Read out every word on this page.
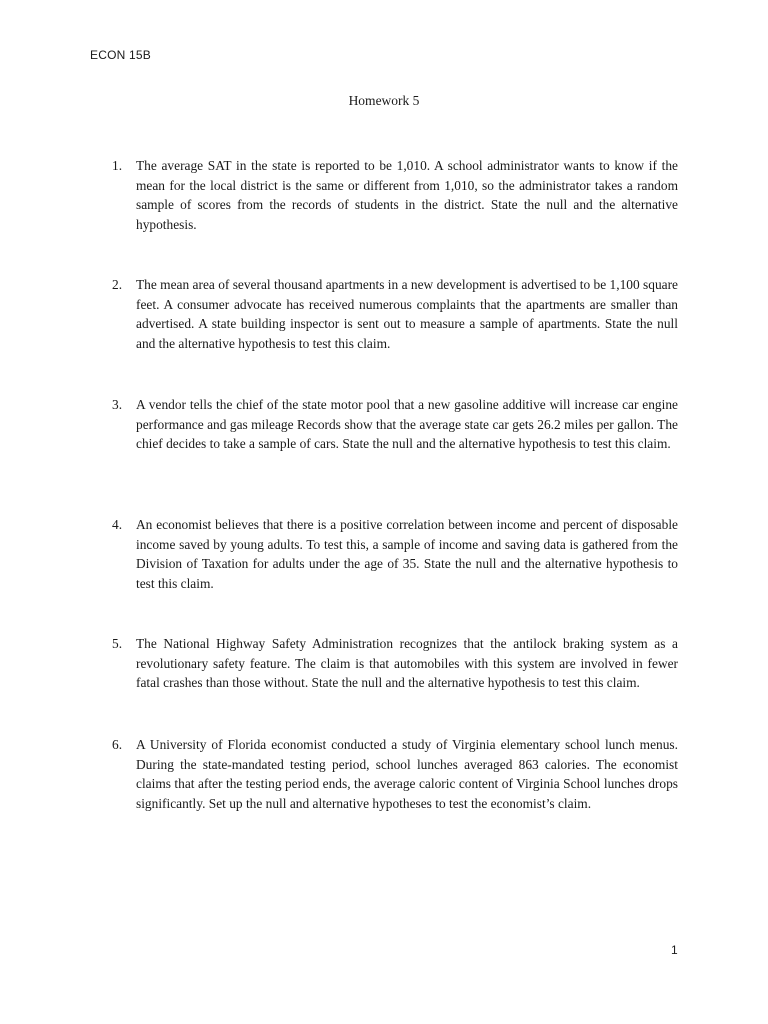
ECON 15B
Homework 5
1.	The average SAT in the state is reported to be 1,010. A school administrator wants to know if the mean for the local district is the same or different from 1,010, so the administrator takes a random sample of scores from the records of students in the district. State the null and the alternative hypothesis.
2.	The mean area of several thousand apartments in a new development is advertised to be 1,100 square feet. A consumer advocate has received numerous complaints that the apartments are smaller than advertised. A state building inspector is sent out to measure a sample of apartments. State the null and the alternative hypothesis to test this claim.
3.	A vendor tells the chief of the state motor pool that a new gasoline additive will increase car engine performance and gas mileage Records show that the average state car gets 26.2 miles per gallon. The chief decides to take a sample of cars. State the null and the alternative hypothesis to test this claim.
4.	An economist believes that there is a positive correlation between income and percent of disposable income saved by young adults. To test this, a sample of income and saving data is gathered from the Division of Taxation for adults under the age of 35. State the null and the alternative hypothesis to test this claim.
5.	The National Highway Safety Administration recognizes that the antilock braking system as a revolutionary safety feature. The claim is that automobiles with this system are involved in fewer fatal crashes than those without. State the null and the alternative hypothesis to test this claim.
6.	A University of Florida economist conducted a study of Virginia elementary school lunch menus. During the state-mandated testing period, school lunches averaged 863 calories. The economist claims that after the testing period ends, the average caloric content of Virginia School lunches drops significantly. Set up the null and alternative hypotheses to test the economist’s claim.
1
